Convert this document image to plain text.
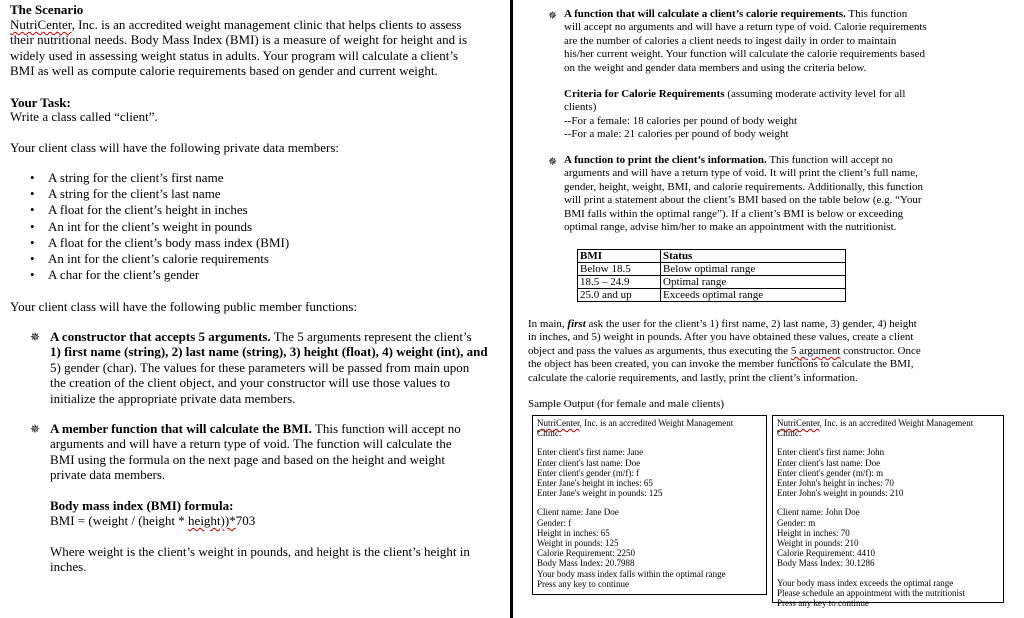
The Scenario

NutriCenter, Inc. is an accredited weight management clinic that helps clients to assess
their nutritional needs. Body Mass Index (BMI) is a measure of weight for height and is
widely used in assessing weight status in adults. Your program will calculate a client’s
BMI as well as compute calorie requirements based on gender and current weight.

Your Task:

Write a class called “client”.

Your client class will have the following private data members:

• A string for the client’s first name
• A string for the client’s last name
• A float for the client’s height in inches
• An int for the client’s weight in pounds
• A float for the client’s body mass index (BMI)
• An int for the client’s calorie requirements
• A char for the client’s gender

Your client class will have the following public member functions:

✵ A constructor that accepts 5 arguments. The 5 arguments represent the client’s
1) first name (string), 2) last name (string), 3) height (float), 4) weight (int), and
5) gender (char). The values for these parameters will be passed from main upon
the creation of the client object, and your constructor will use those values to
initialize the appropriate private data members.
✵ A member function that will calculate the BMI. This function will accept no
arguments and will have a return type of void. The function will calculate the
BMI using the formula on the next page and based on the height and weight
private data members.

Body mass index (BMI) formula:

BMI = (weight / (height * height))*703

Where weight is the client’s weight in pounds, and height is the client’s height in
inches.
✵ A function that will calculate a client’s calorie requirements. This function
will accept no arguments and will have a return type of void. Calorie requirements
are the number of calories a client needs to ingest daily in order to maintain
his/her current weight. Your function will calculate the calorie requirements based
on the weight and gender data members and using the criteria below.
Criteria for Calorie Requirements (assuming moderate activity level for all
clients)
--For a female: 18 calories per pound of body weight
--For a male: 21 calories per pound of body weight
✵ A function to print the client’s information. This function will accept no
arguments and will have a return type of void. It will print the client’s full name,
gender, height, weight, BMI, and calorie requirements. Additionally, this function
will print a statement about the client’s BMI based on the table below (e.g. “Your
BMI falls within the optimal range”). If a client’s BMI is below or exceeding
optimal range, advise him/her to make an appointment with the nutritionist.
BMI	Status
Below 18.5	Below optimal range
18.5 – 24.9	Optimal range
25.0 and up	Exceeds optimal range
In main, first ask the user for the client’s 1) first name, 2) last name, 3) gender, 4) height
in inches, and 5) weight in pounds. After you have obtained these values, create a client
object and pass the values as arguments, thus executing the 5 argument constructor. Once
the object has been created, you can invoke the member functions to calculate the BMI,
calculate the calorie requirements, and lastly, print the client’s information.

Sample Output (for female and male clients)

NutriCenter, Inc. is an accredited Weight Management

Clinic.

Enter client's first name: Jane

Enter client's last name: Doe

Enter client's gender (m/f): f

Enter Jane's height in inches: 65

Enter Jane's weight in pounds: 125

Client name: Jane Doe

Gender: f

Height in inches: 65

Weight in pounds: 125

Calorie Requirement: 2250

Body Mass Index: 20.7988

Your body mass index falls within the optimal range

Press any key to continue

NutriCenter, Inc. is an accredited Weight Management Clinic.

Enter client's first name: John

Enter client's last name: Doe

Enter client's gender (m/f): m

Enter John's height in inches: 70

Enter John's weight in pounds: 210

Client name: John Doe

Gender: m

Height in inches: 70

Weight in pounds: 210

Calorie Requirement: 4410

Body Mass Index: 30.1286

Your body mass index exceeds the optimal range

Please schedule an appointment with the nutritionist

Press any key to continue
